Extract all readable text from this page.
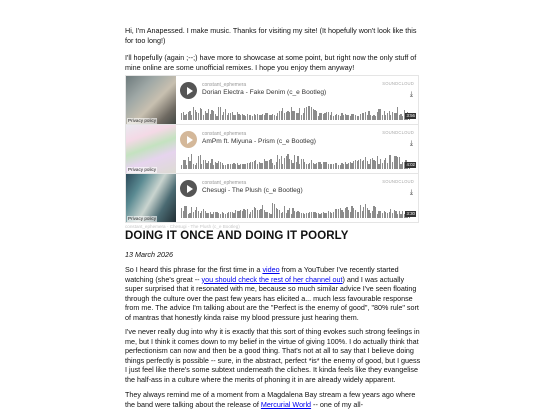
Hi, I'm Anapessed. I make music. Thanks for visiting my site! (It hopefully won't look like this for too long!)

I'll hopefully (again ;--;) have more to showcase at some point, but right now the only stuff of mine online are some unofficial remixes. I hope you enjoy them anyway!

Privacy policy
constant_ephemera
Dorian Electra - Fake Denim (c_e Bootleg)
SOUNDCLOUD
⤓
3:56
Privacy policy
constant_ephemera
AmPm ft. Miyuna - Prism (c_e Bootleg)
SOUNDCLOUD
⤓
4:02
Privacy policy
constant_ephemera
Chesugi - The Plush (c_e Bootleg)
SOUNDCLOUD
⤓
3:30
constant_ephemera · Chesugi - The Plush (c_e Bootleg)
DOING IT ONCE AND DOING IT POORLY
13 March 2026

So I heard this phrase for the first time in a video from a YouTuber I've recently started watching (she's great -- you should check the rest of her channel out) and I was actually super surprised that it resonated with me, because so much similar advice I've seen floating through the culture over the past few years has elicited a... much less favourable response from me. The advice I'm talking about are the "Perfect is the enemy of good", "80% rule" sort of mantras that honestly kinda raise my blood pressure just hearing them.

I've never really dug into why it is exactly that this sort of thing evokes such strong feelings in me, but I think it comes down to my belief in the virtue of giving 100%. I do actually think that perfectionism can now and then be a good thing. That's not at all to say that I believe doing things perfectly is possible -- sure, in the abstract, perfect *is* the enemy of good, but I guess I just feel like there's some subtext underneath the cliches. It kinda feels like they evangelise the half-ass in a culture where the merits of phoning it in are already widely apparent.

They always remind me of a moment from a Magdalena Bay stream a few years ago where the band were talking about the release of Mercurial World -- one of my all-
